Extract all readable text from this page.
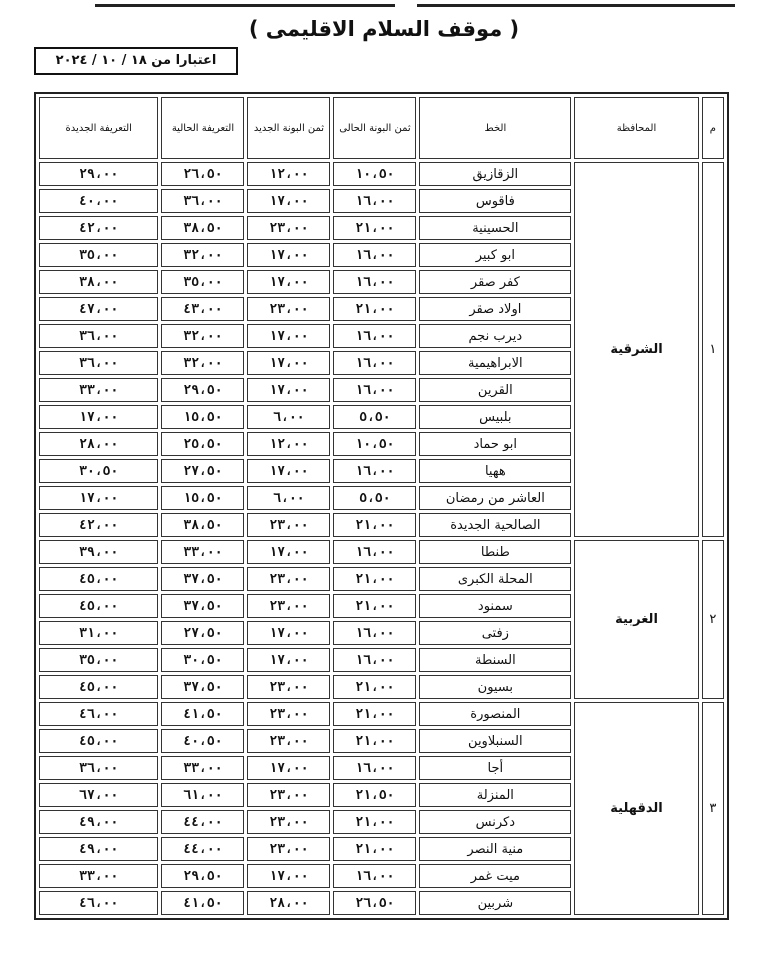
( موقف السلام الاقليمى )
اعتبارا من ١٨ / ١٠ / ٢٠٢٤
م	المحافظة	الخط	ثمن البونة الحالى	ثمن البونة الجديد	التعريفة الحالية	التعريفة الجديدة
١	الشرقية	الزقازيق	١٠،٥٠	١٢،٠٠	٢٦،٥٠	٢٩،٠٠
		فاقوس	١٦،٠٠	١٧،٠٠	٣٦،٠٠	٤٠،٠٠
		الحسينية	٢١،٠٠	٢٣،٠٠	٣٨،٥٠	٤٢،٠٠
		ابو كبير	١٦،٠٠	١٧،٠٠	٣٢،٠٠	٣٥،٠٠
		كفر صقر	١٦،٠٠	١٧،٠٠	٣٥،٠٠	٣٨،٠٠
		اولاد صقر	٢١،٠٠	٢٣،٠٠	٤٣،٠٠	٤٧،٠٠
		ديرب نجم	١٦،٠٠	١٧،٠٠	٣٢،٠٠	٣٦،٠٠
		الابراهيمية	١٦،٠٠	١٧،٠٠	٣٢،٠٠	٣٦،٠٠
		القرين	١٦،٠٠	١٧،٠٠	٢٩،٥٠	٣٣،٠٠
		بلبيس	٥،٥٠	٦،٠٠	١٥،٥٠	١٧،٠٠
		ابو حماد	١٠،٥٠	١٢،٠٠	٢٥،٥٠	٢٨،٠٠
		ههيا	١٦،٠٠	١٧،٠٠	٢٧،٥٠	٣٠،٥٠
		العاشر من رمضان	٥،٥٠	٦،٠٠	١٥،٥٠	١٧،٠٠
		الصالحية الجديدة	٢١،٠٠	٢٣،٠٠	٣٨،٥٠	٤٢،٠٠
٢	الغربية	طنطا	١٦،٠٠	١٧،٠٠	٣٣،٠٠	٣٩،٠٠
		المحلة الكبرى	٢١،٠٠	٢٣،٠٠	٣٧،٥٠	٤٥،٠٠
		سمنود	٢١،٠٠	٢٣،٠٠	٣٧،٥٠	٤٥،٠٠
		زفتى	١٦،٠٠	١٧،٠٠	٢٧،٥٠	٣١،٠٠
		السنطة	١٦،٠٠	١٧،٠٠	٣٠،٥٠	٣٥،٠٠
		بسيون	٢١،٠٠	٢٣،٠٠	٣٧،٥٠	٤٥،٠٠
٣	الدقهلية	المنصورة	٢١،٠٠	٢٣،٠٠	٤١،٥٠	٤٦،٠٠
		السنبلاوين	٢١،٠٠	٢٣،٠٠	٤٠،٥٠	٤٥،٠٠
		أجا	١٦،٠٠	١٧،٠٠	٣٣،٠٠	٣٦،٠٠
		المنزلة	٢١،٥٠	٢٣،٠٠	٦١،٠٠	٦٧،٠٠
		دكرنس	٢١،٠٠	٢٣،٠٠	٤٤،٠٠	٤٩،٠٠
		منية النصر	٢١،٠٠	٢٣،٠٠	٤٤،٠٠	٤٩،٠٠
		ميت غمر	١٦،٠٠	١٧،٠٠	٢٩،٥٠	٣٣،٠٠
		شربين	٢٦،٥٠	٢٨،٠٠	٤١،٥٠	٤٦،٠٠
